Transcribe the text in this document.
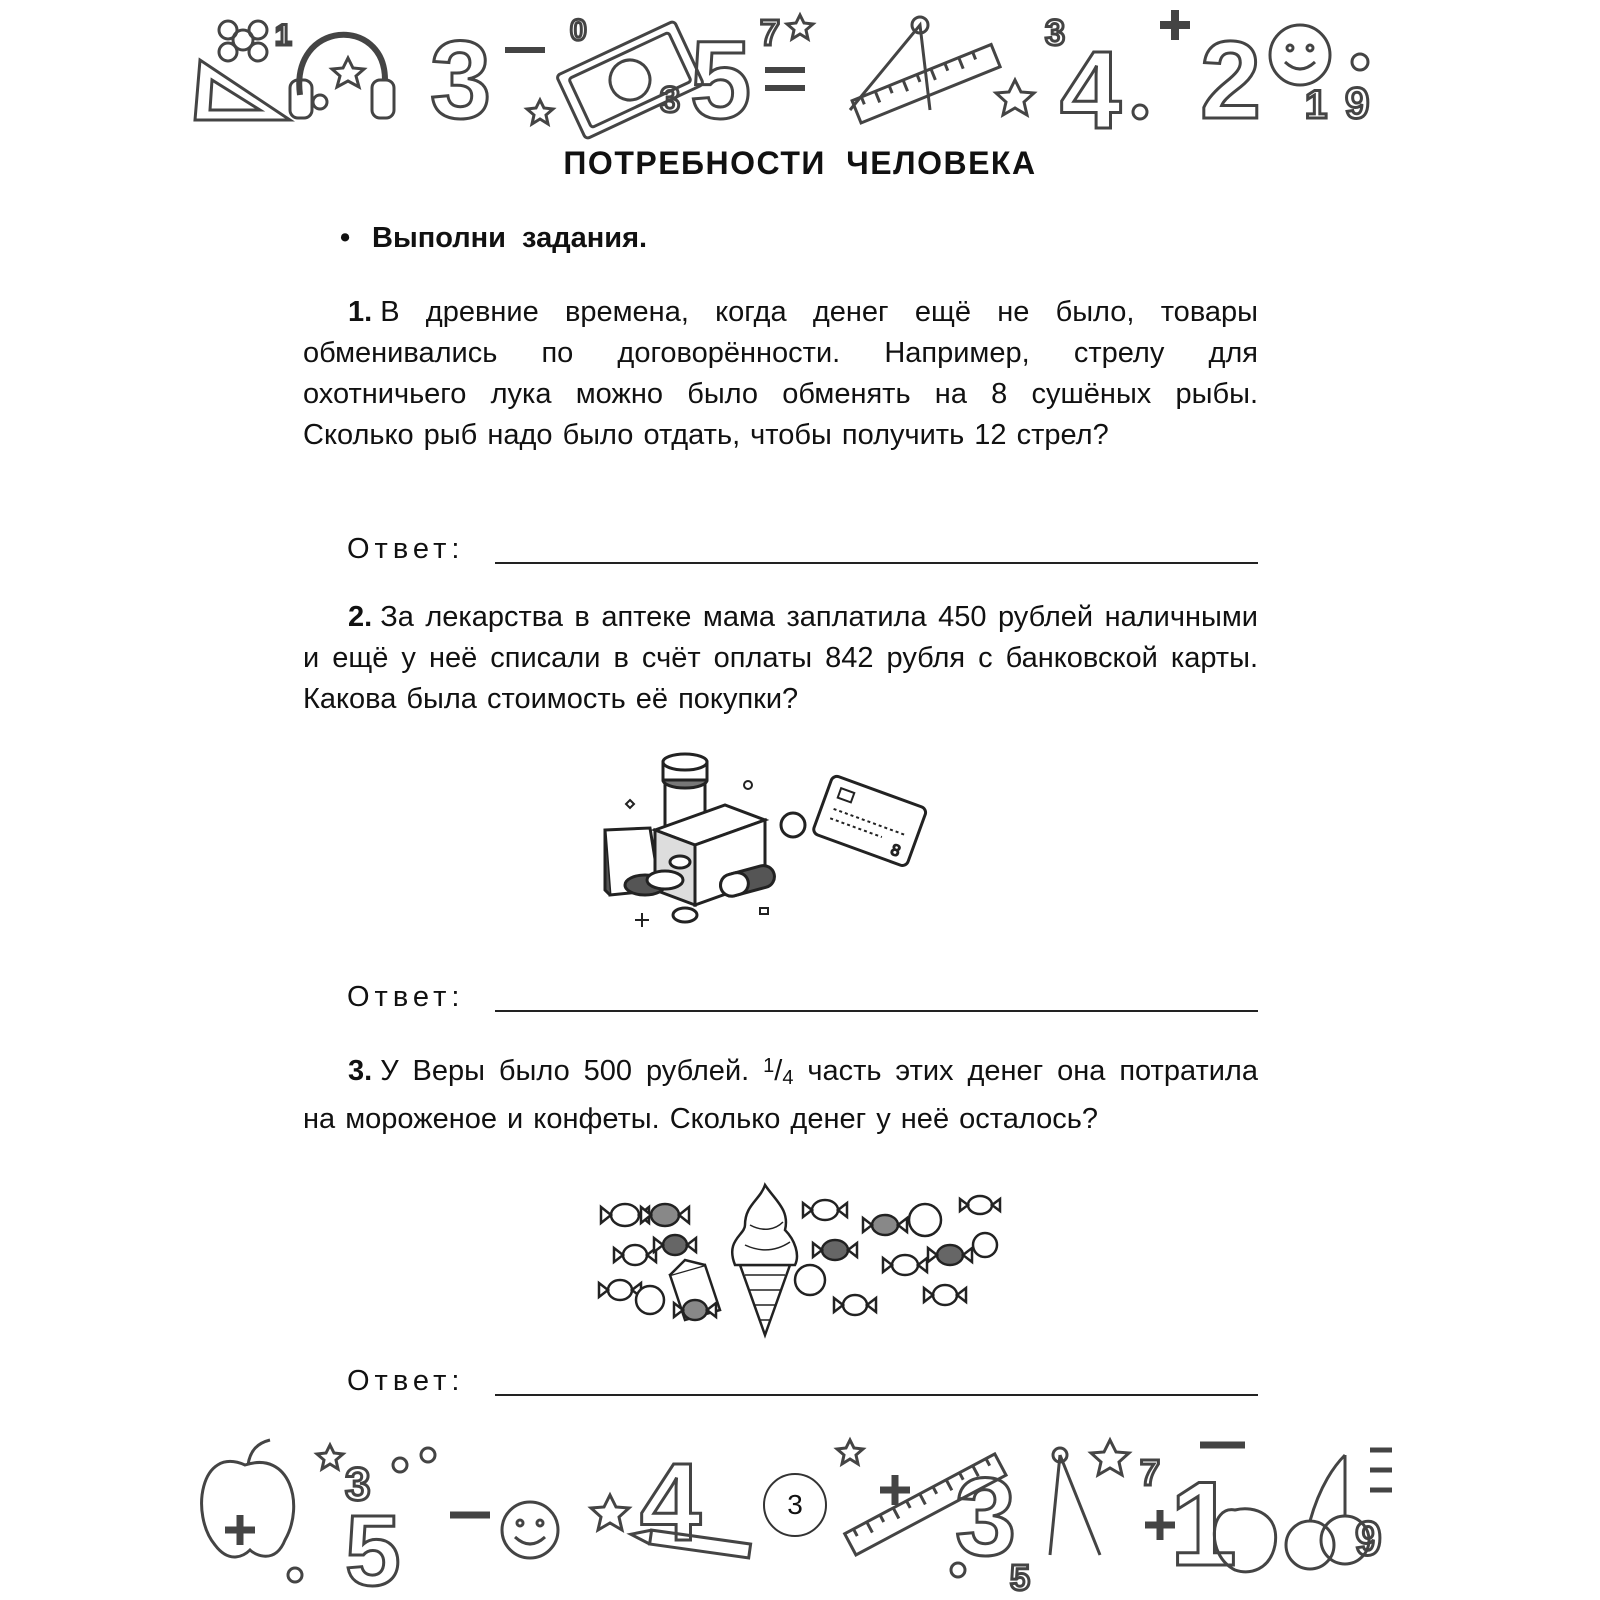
3 5	4 2
1
3
7	3
1 9
0
ПОТРЕБНОСТИ ЧЕЛОВЕКА
• Выполни задания.
1. В древние времена, когда денег ещё не было, товары обменивались по договорённости. Например, стрелу для охотничьего лука можно было обменять на 8 сушёных рыбы. Сколько рыб надо было отдать, чтобы получить 12 стрел?
Ответ:
2. За лекарства в аптеке мама заплатила 450 рублей наличными и ещё у неё списали в счёт оплаты 842 рубля с банковской карты. Какова была стоимость её покупки?
8
Ответ:
3. У Веры было 500 рублей. $^1/_4$ часть этих денег она потратила на мороженое и конфеты. Сколько денег у неё осталось?
Ответ:
3
5 4 3 1
5
7
9
3
